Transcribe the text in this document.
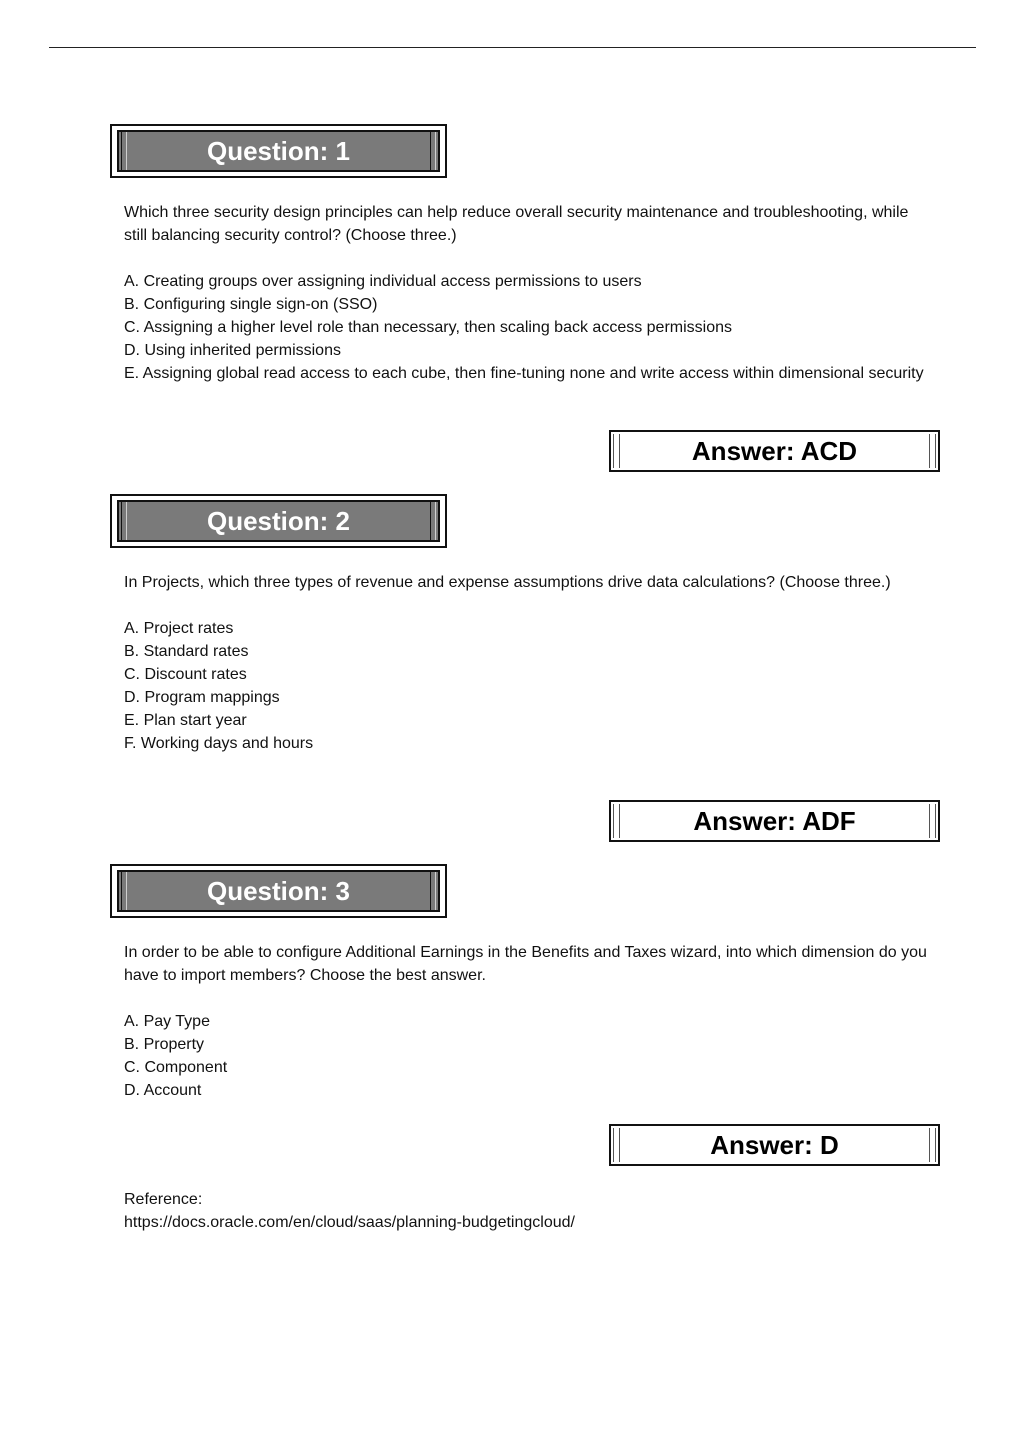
Question: 1

Which three security design principles can help reduce overall security maintenance and troubleshooting, while still balancing security control? (Choose three.)

A. Creating groups over assigning individual access permissions to users

B. Configuring single sign-on (SSO)

C. Assigning a higher level role than necessary, then scaling back access permissions

D. Using inherited permissions

E. Assigning global read access to each cube, then fine-tuning none and write access within dimensional security

Answer: ACD
Question: 2

In Projects, which three types of revenue and expense assumptions drive data calculations? (Choose three.)

A. Project rates

B. Standard rates

C. Discount rates

D. Program mappings

E. Plan start year

F. Working days and hours

Answer: ADF
Question: 3

In order to be able to configure Additional Earnings in the Benefits and Taxes wizard, into which dimension do you have to import members? Choose the best answer.

A. Pay Type

B. Property

C. Component

D. Account

Answer: D

Reference:

https://docs.oracle.com/en/cloud/saas/planning-budgetingcloud/
